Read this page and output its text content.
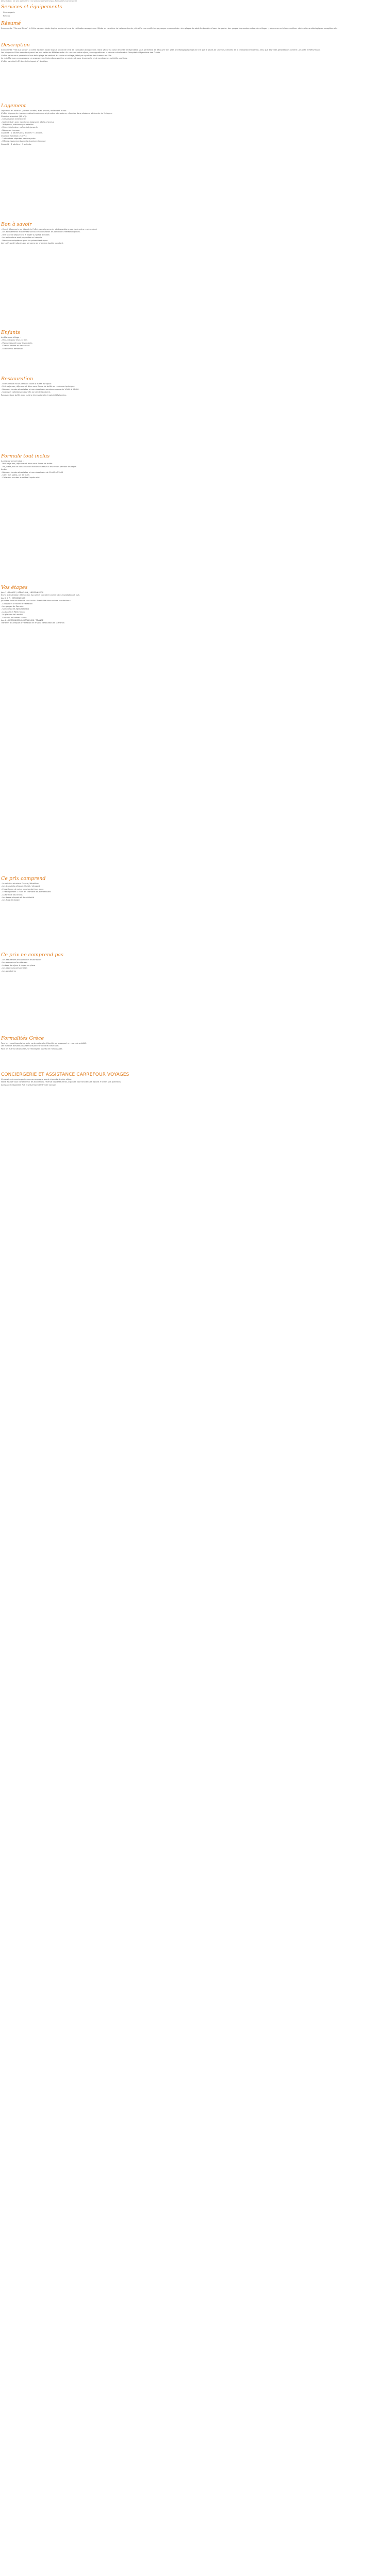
Description: Ce prix comprend / Ce prix ne comprend pas Formalités Conciergerie
Services et équipements
Conciergerie
Réseau
Résumé

Surnommée "l'île aux Dieux", la Crète est sans doute la plus ancienne terre de civilisation européenne. Située au carrefour de trois continents, elle offre une variété de paysages remarquables : des plages de sable fin bordées d'eaux turquoise, des gorges impressionnantes, des villages typiques accrochés aux collines et des sites archéologiques exceptionnels.

Description

Surnommée "l'île aux Dieux", la Crète est sans doute la plus ancienne terre de civilisation européenne. Votre séjour au cœur de cette île légendaire vous permettra de découvrir des sites archéologiques majeurs tels que le palais de Cnossos, berceau de la civilisation minoenne, ainsi que des villes pittoresques comme La Canée et Réthymnon.
Les plages de Crète comptent parmi les plus belles de Méditerranée. Au cours de votre séjour, vous apprécierez la douceur du climat et l'hospitalité légendaire des Crétois.
L'hôtel se trouve à proximité d'une belle plage de sable et du centre du village, idéal pour profiter des charmes de l'île.
Le club Marmara vous propose un programme d'animations variées, un mini-club pour les enfants et de nombreuses activités sportives.
L'hôtel est situé à 25 km de l'aéroport d'Héraklion.

Logement

Logement en hôtel 4* (normes locales) avec piscine, restaurant et bar.
L'hôtel dispose de chambres décorées dans un style sobre et moderne, réparties dans plusieurs bâtiments de 2 étages.
Chambre standard (15 m²) :
- Climatisation individuelle
- Salle de bain avec douche ou baignoire, sèche-cheveux
- Téléphone, télévision par satellite
- Mini-réfrigérateur, coffre-fort (payant)
- Balcon ou terrasse
Capacité : 2 adultes ou 2 adultes + 1 enfant.
Chambre familiale (21 m²) :
- 2 chambres séparées par une porte
- Mêmes équipements que la chambre standard
Capacité : 2 adultes + 2 enfants.

Bon à savoir

- Circuit découverte au départ de l'hôtel, renseignements et réservations auprès de votre représentant.
- Les équipements et activités sont accessibles selon les conditions météorologiques.
- Une taxe de séjour sera à régler sur place à l'hôtel.
- Les animations sont proposées en français.
- Prévoir un adaptateur pour les prises électriques.
Les tarifs sont indiqués par personne en chambre double standard.

Enfants

Au Marmara Village :
- Mini-club pour les 4-12 ans
- Piscine séparée pour les enfants
- Chaises hautes au restaurant
- Lit bébé sur demande

Restauration

- Formule tout inclus pendant toute la durée du séjour.
- Petit déjeuner, déjeuner et dîner sous forme de buffet au restaurant principal.
- Boissons locales alcoolisées et non alcoolisées servies au verre de 10h00 à 23h00.
- Snacks et collations en journée au bar de la piscine.
Repas de type buffet avec cuisine internationale et spécialités locales.

Formule tout inclus

Au restaurant principal :
- Petit déjeuner, déjeuner et dîner sous forme de buffet
- Vin, bière, eau et boissons non alcoolisées servis à discrétion pendant les repas
Au bar :
- Boissons locales alcoolisées et non alcoolisées de 10h00 à 23h00
- Café, thé, sodas, jus de fruits
- Collations sucrées et salées l'après-midi

Vos étapes

Jour 1 : FRANCE / HÉRAKLION / HERSONISSOS
Envol à destination d'Héraklion. Accueil et transfert à votre hôtel. Installation et nuit.
Jour 2 à 7 : HERSONISSOS
Journées libres en formule tout inclus. Possibilité d'excursions facultatives :
- Cnossos et le musée d'Héraklion
- Les gorges de Samaria
- Spinalonga et Agios Nikolaos
- La Canée et Réthymnon
- Le plateau de Lassithi
- Santorin en bateau rapide
Jour 8 : HERSONISSOS / HÉRAKLION / FRANCE
Transfert à l'aéroport d'Héraklion et envol à destination de la France.

Ce prix comprend

- Le vol aller et retour France / Héraklion
- Les transferts aéroport / hôtel / aéroport
- L'assistance de notre représentant sur place
- L'hébergement 7 nuits en chambre double standard
- La formule tout inclus
- Les taxes aéroport et de solidarité
- Les frais de dossier

Ce prix ne comprend pas

- Les assurances annulation et multirisques
- Les excursions facultatives
- La taxe de séjour à régler sur place
- Les dépenses personnelles
- Les pourboires

Formalités Grèce

Pour les ressortissants français, carte nationale d'identité ou passeport en cours de validité.
Les mineurs doivent posséder une pièce d'identité à leur nom.
Pour les autres nationalités, se renseigner auprès de l'ambassade.

CONCIERGERIE ET ASSISTANCE CARREFOUR VOYAGES

Un service de conciergerie vous accompagne avant et pendant votre séjour.
Notre équipe vous conseille sur les excursions, réserve vos restaurants, organise vos transferts et répond à toutes vos questions.
Assistance disponible 7j/7 et 24h/24 pendant votre voyage.
